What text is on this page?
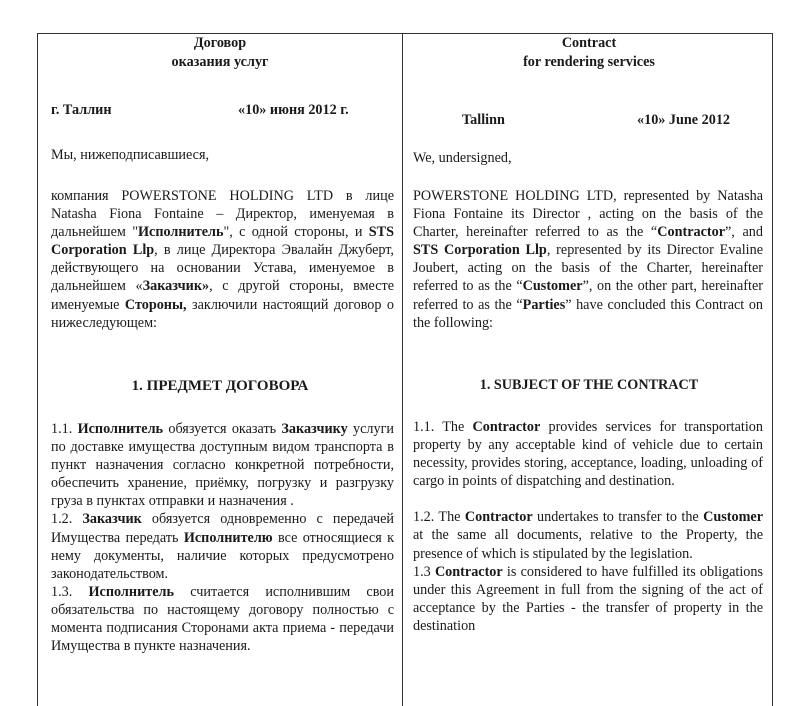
Договор
оказания услуг
г. Таллин	«10» июня 2012 г.
Мы, нижеподписавшиеся,
компания POWERSTONE HOLDING LTD в лице Natasha Fiona Fontaine – Директор, именуемая в дальнейшем "Исполнитель", с одной стороны, и STS Corporation Llp, в лице Директора Эвалайн Джуберт, действующего на основании Устава, именуемое в дальнейшем «Заказчик», с другой стороны, вместе именуемые Стороны, заключили настоящий договор о нижеследующем:
1. ПРЕДМЕТ ДОГОВОРА

1.1. Исполнитель обязуется оказать Заказчику услуги по доставке имущества доступным видом транспорта в пункт назначения согласно конкретной потребности, обеспечить хранение, приёмку, погрузку и разгрузку груза в пунктах отправки и назначения .

1.2. Заказчик обязуется одновременно с передачей Имущества передать Исполнителю все относящиеся к нему документы, наличие которых предусмотрено законодательством.

1.3. Исполнитель считается исполнившим свои обязательства по настоящему договору полностью с момента подписания Сторонами акта приема - передачи Имущества в пункте назначения.

Contract
for rendering services
Tallinn	«10» June 2012
We, undersigned,
POWERSTONE HOLDING LTD, represented by Natasha Fiona Fontaine its Director , acting on the basis of the Charter, hereinafter referred to as the “Contractor”, and STS Corporation Llp, represented by its Director Evaline Joubert, acting on the basis of the Charter, hereinafter referred to as the “Customer”, on the other part, hereinafter referred to as the “Parties” have concluded this Contract on the following:
1. SUBJECT OF THE CONTRACT

1.1. The Contractor provides services for transportation property by any acceptable kind of vehicle due to certain necessity, provides storing, acceptance, loading, unloading of cargo in points of dispatching and destination.

1.2. The Contractor undertakes to transfer to the Customer at the same all documents, relative to the Property, the presence of which is stipulated by the legislation.

1.3 Contractor is considered to have fulfilled its obligations under this Agreement in full from the signing of the act of acceptance by the Parties - the transfer of property in the destination
